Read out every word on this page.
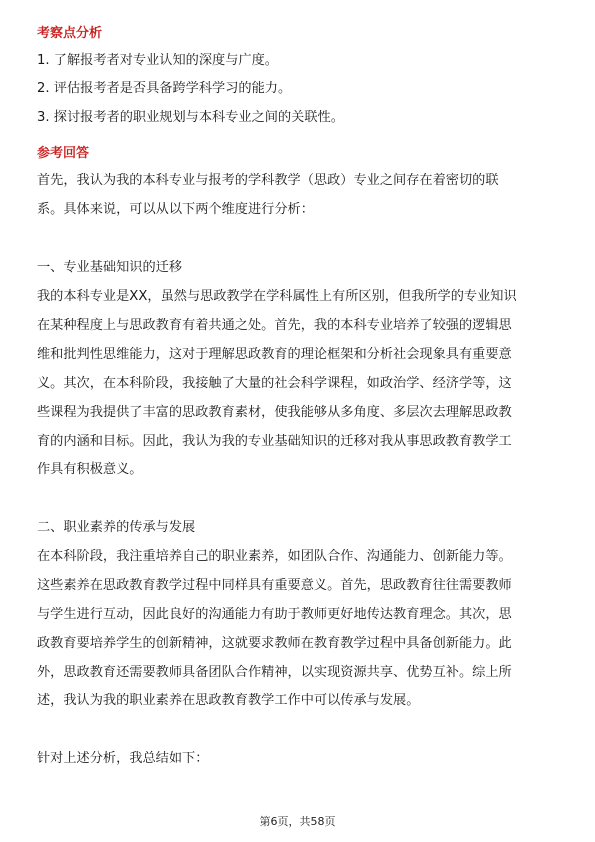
考察点分析
1. 了解报考者对专业认知的深度与广度。
2. 评估报考者是否具备跨学科学习的能力。
3. 探讨报考者的职业规划与本科专业之间的关联性。
参考回答
首先，我认为我的本科专业与报考的学科教学（思政）专业之间存在着密切的联
系。具体来说，可以从以下两个维度进行分析：
一、专业基础知识的迁移
我的本科专业是XX，虽然与思政教学在学科属性上有所区别，但我所学的专业知识
在某种程度上与思政教育有着共通之处。首先，我的本科专业培养了较强的逻辑思
维和批判性思维能力，这对于理解思政教育的理论框架和分析社会现象具有重要意
义。其次，在本科阶段，我接触了大量的社会科学课程，如政治学、经济学等，这
些课程为我提供了丰富的思政教育素材，使我能够从多角度、多层次去理解思政教
育的内涵和目标。因此，我认为我的专业基础知识的迁移对我从事思政教育教学工
作具有积极意义。
二、职业素养的传承与发展
在本科阶段，我注重培养自己的职业素养，如团队合作、沟通能力、创新能力等。
这些素养在思政教育教学过程中同样具有重要意义。首先，思政教育往往需要教师
与学生进行互动，因此良好的沟通能力有助于教师更好地传达教育理念。其次，思
政教育要培养学生的创新精神，这就要求教师在教育教学过程中具备创新能力。此
外，思政教育还需要教师具备团队合作精神，以实现资源共享、优势互补。综上所
述，我认为我的职业素养在思政教育教学工作中可以传承与发展。
针对上述分析，我总结如下：
第6页，共58页
